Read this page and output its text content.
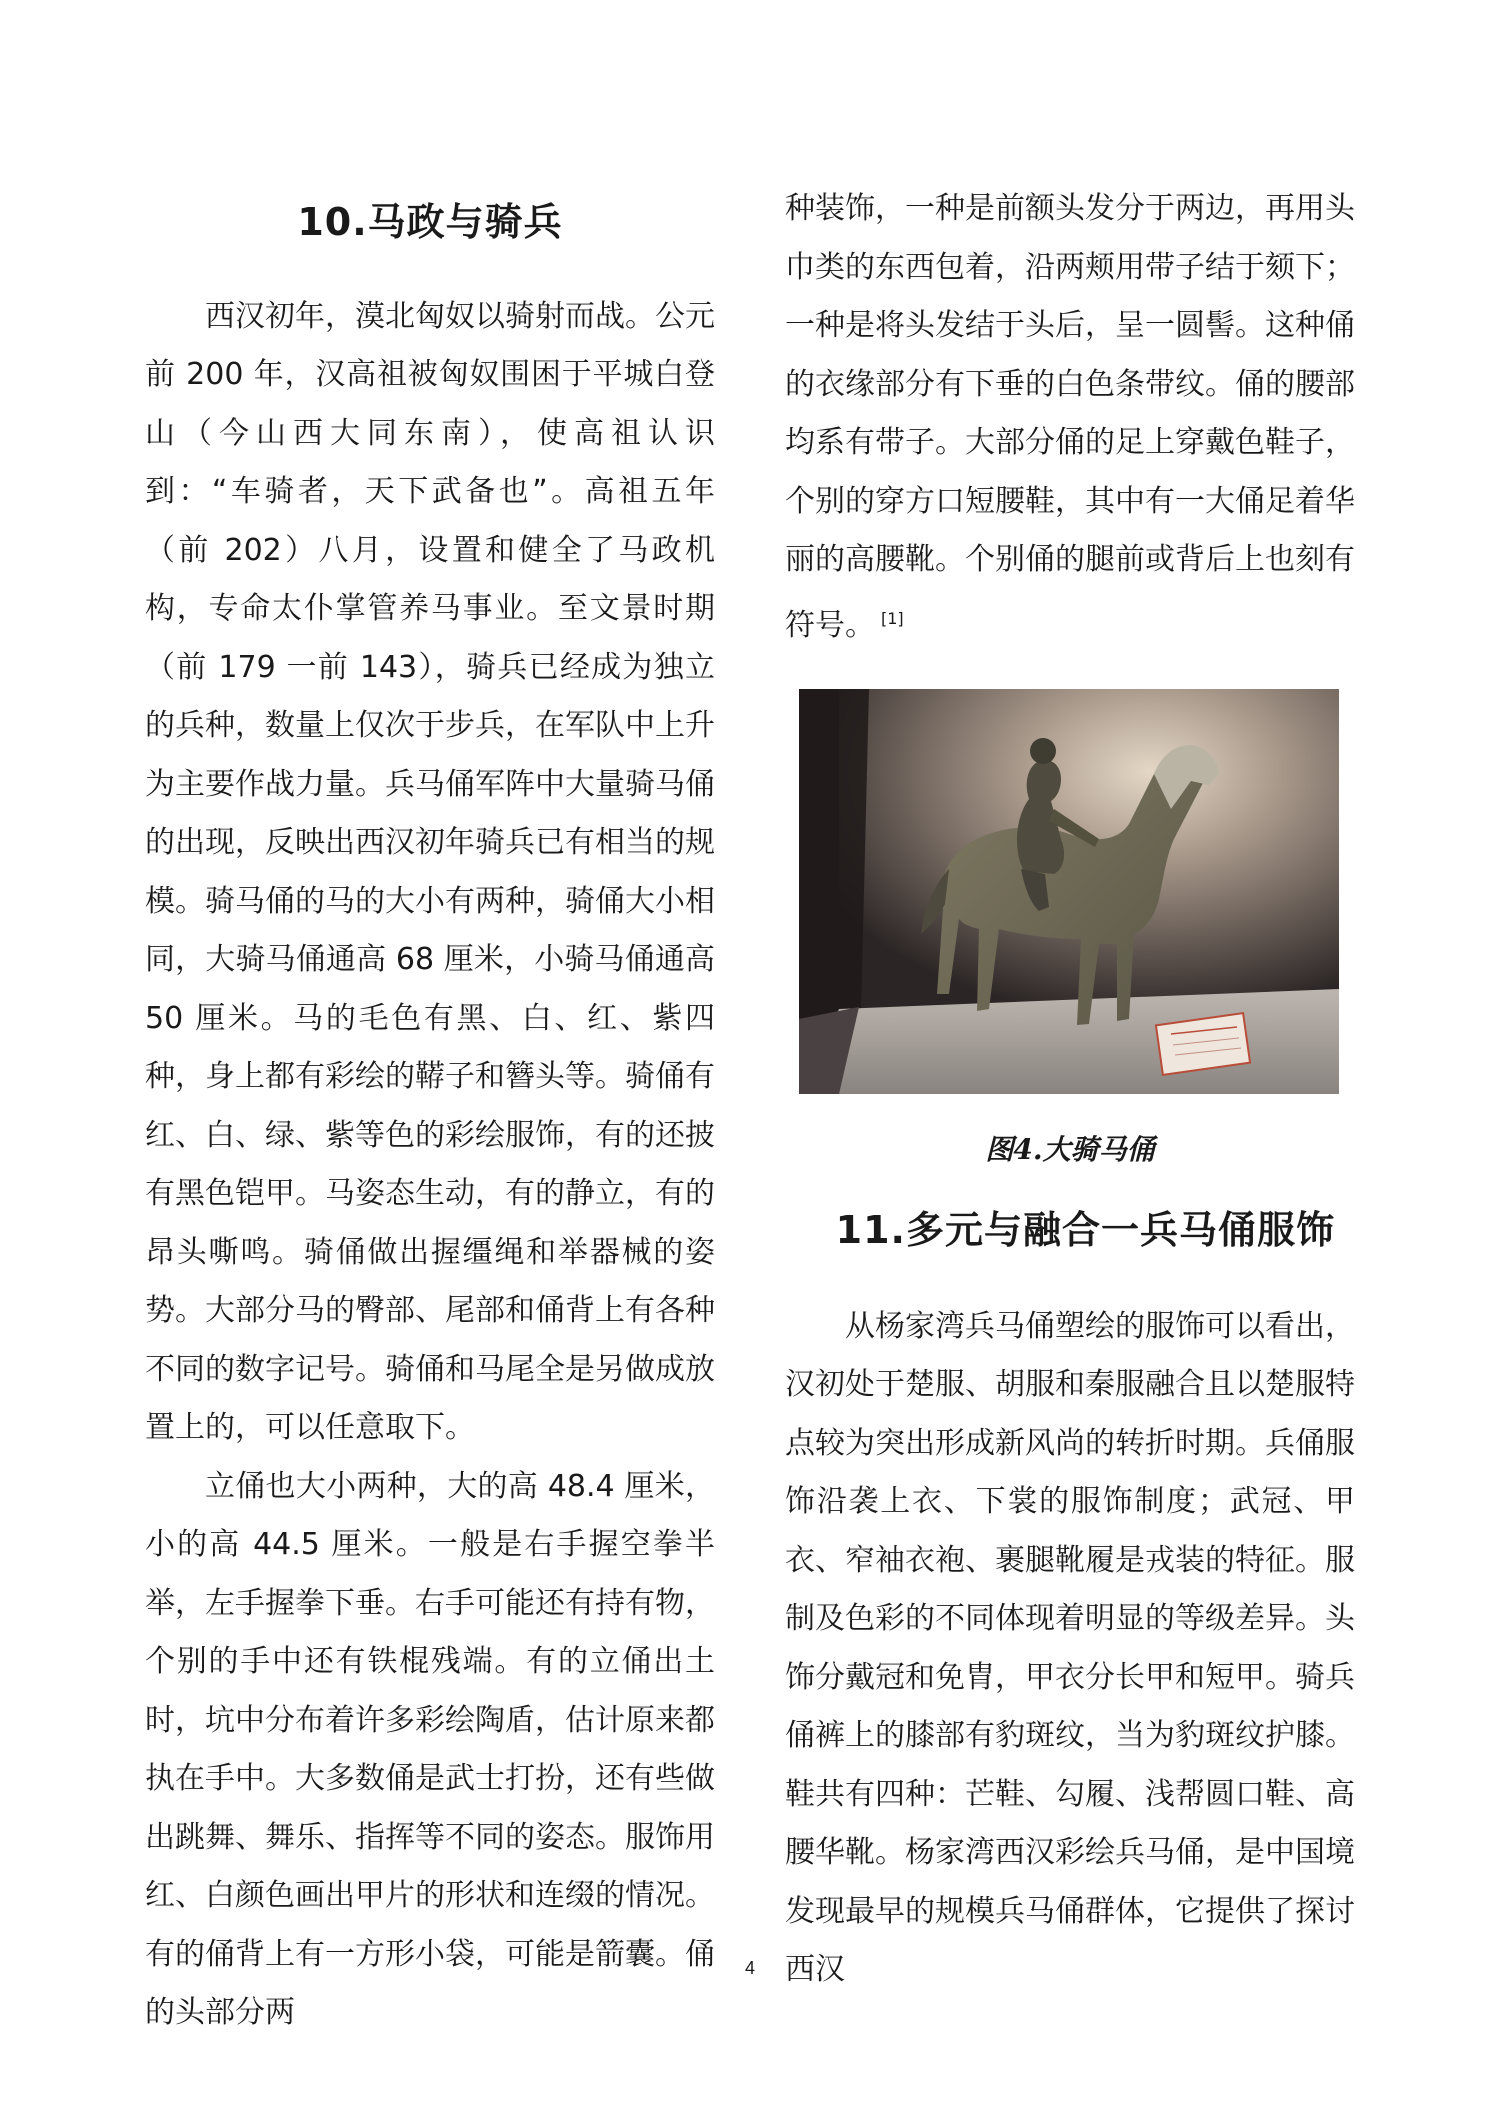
10.马政与骑兵

西汉初年，漠北匈奴以骑射而战。公元前 200 年，汉高祖被匈奴围困于平城白登山（今山西大同东南），使高祖认识到：“车骑者，天下武备也”。高祖五年（前 202）八月，设置和健全了马政机构，专命太仆掌管养马事业。至文景时期（前 179 一前 143），骑兵已经成为独立的兵种，数量上仅次于步兵，在军队中上升为主要作战力量。兵马俑军阵中大量骑马俑的出现，反映出西汉初年骑兵已有相当的规模。骑马俑的马的大小有两种，骑俑大小相同，大骑马俑通高 68 厘米，小骑马俑通高 50 厘米。马的毛色有黑、白、红、紫四种，身上都有彩绘的鞯子和簪头等。骑俑有红、白、绿、紫等色的彩绘服饰，有的还披有黑色铠甲。马姿态生动，有的静立，有的昂头嘶鸣。骑俑做出握缰绳和举器械的姿势。大部分马的臀部、尾部和俑背上有各种不同的数字记号。骑俑和马尾全是另做成放置上的，可以任意取下。

立俑也大小两种，大的高 48.4 厘米，小的高 44.5 厘米。一般是右手握空拳半举，左手握拳下垂。右手可能还有持有物，个别的手中还有铁棍残端。有的立俑出土时，坑中分布着许多彩绘陶盾，估计原来都执在手中。大多数俑是武士打扮，还有些做出跳舞、舞乐、指挥等不同的姿态。服饰用红、白颜色画出甲片的形状和连缀的情况。有的俑背上有一方形小袋，可能是箭囊。俑的头部分两

种装饰，一种是前额头发分于两边，再用头巾类的东西包着，沿两颊用带子结于颏下；一种是将头发结于头后，呈一圆髻。这种俑的衣缘部分有下垂的白色条带纹。俑的腰部均系有带子。大部分俑的足上穿戴色鞋子，个别的穿方口短腰鞋，其中有一大俑足着华丽的高腰靴。个别俑的腿前或背后上也刻有符号。 [1]

图4.大骑马俑
11.多元与融合一兵马俑服饰

从杨家湾兵马俑塑绘的服饰可以看出，汉初处于楚服、胡服和秦服融合且以楚服特点较为突出形成新风尚的转折时期。兵俑服饰沿袭上衣、下裳的服饰制度；武冠、甲衣、窄袖衣袍、裹腿靴履是戎装的特征。服制及色彩的不同体现着明显的等级差异。头饰分戴冠和免胄，甲衣分长甲和短甲。骑兵俑裤上的膝部有豹斑纹，当为豹斑纹护膝。鞋共有四种：芒鞋、勾履、浅帮圆口鞋、高腰华靴。杨家湾西汉彩绘兵马俑，是中国境 发现最早的规模兵马俑群体，它提供了探讨西汉

4
